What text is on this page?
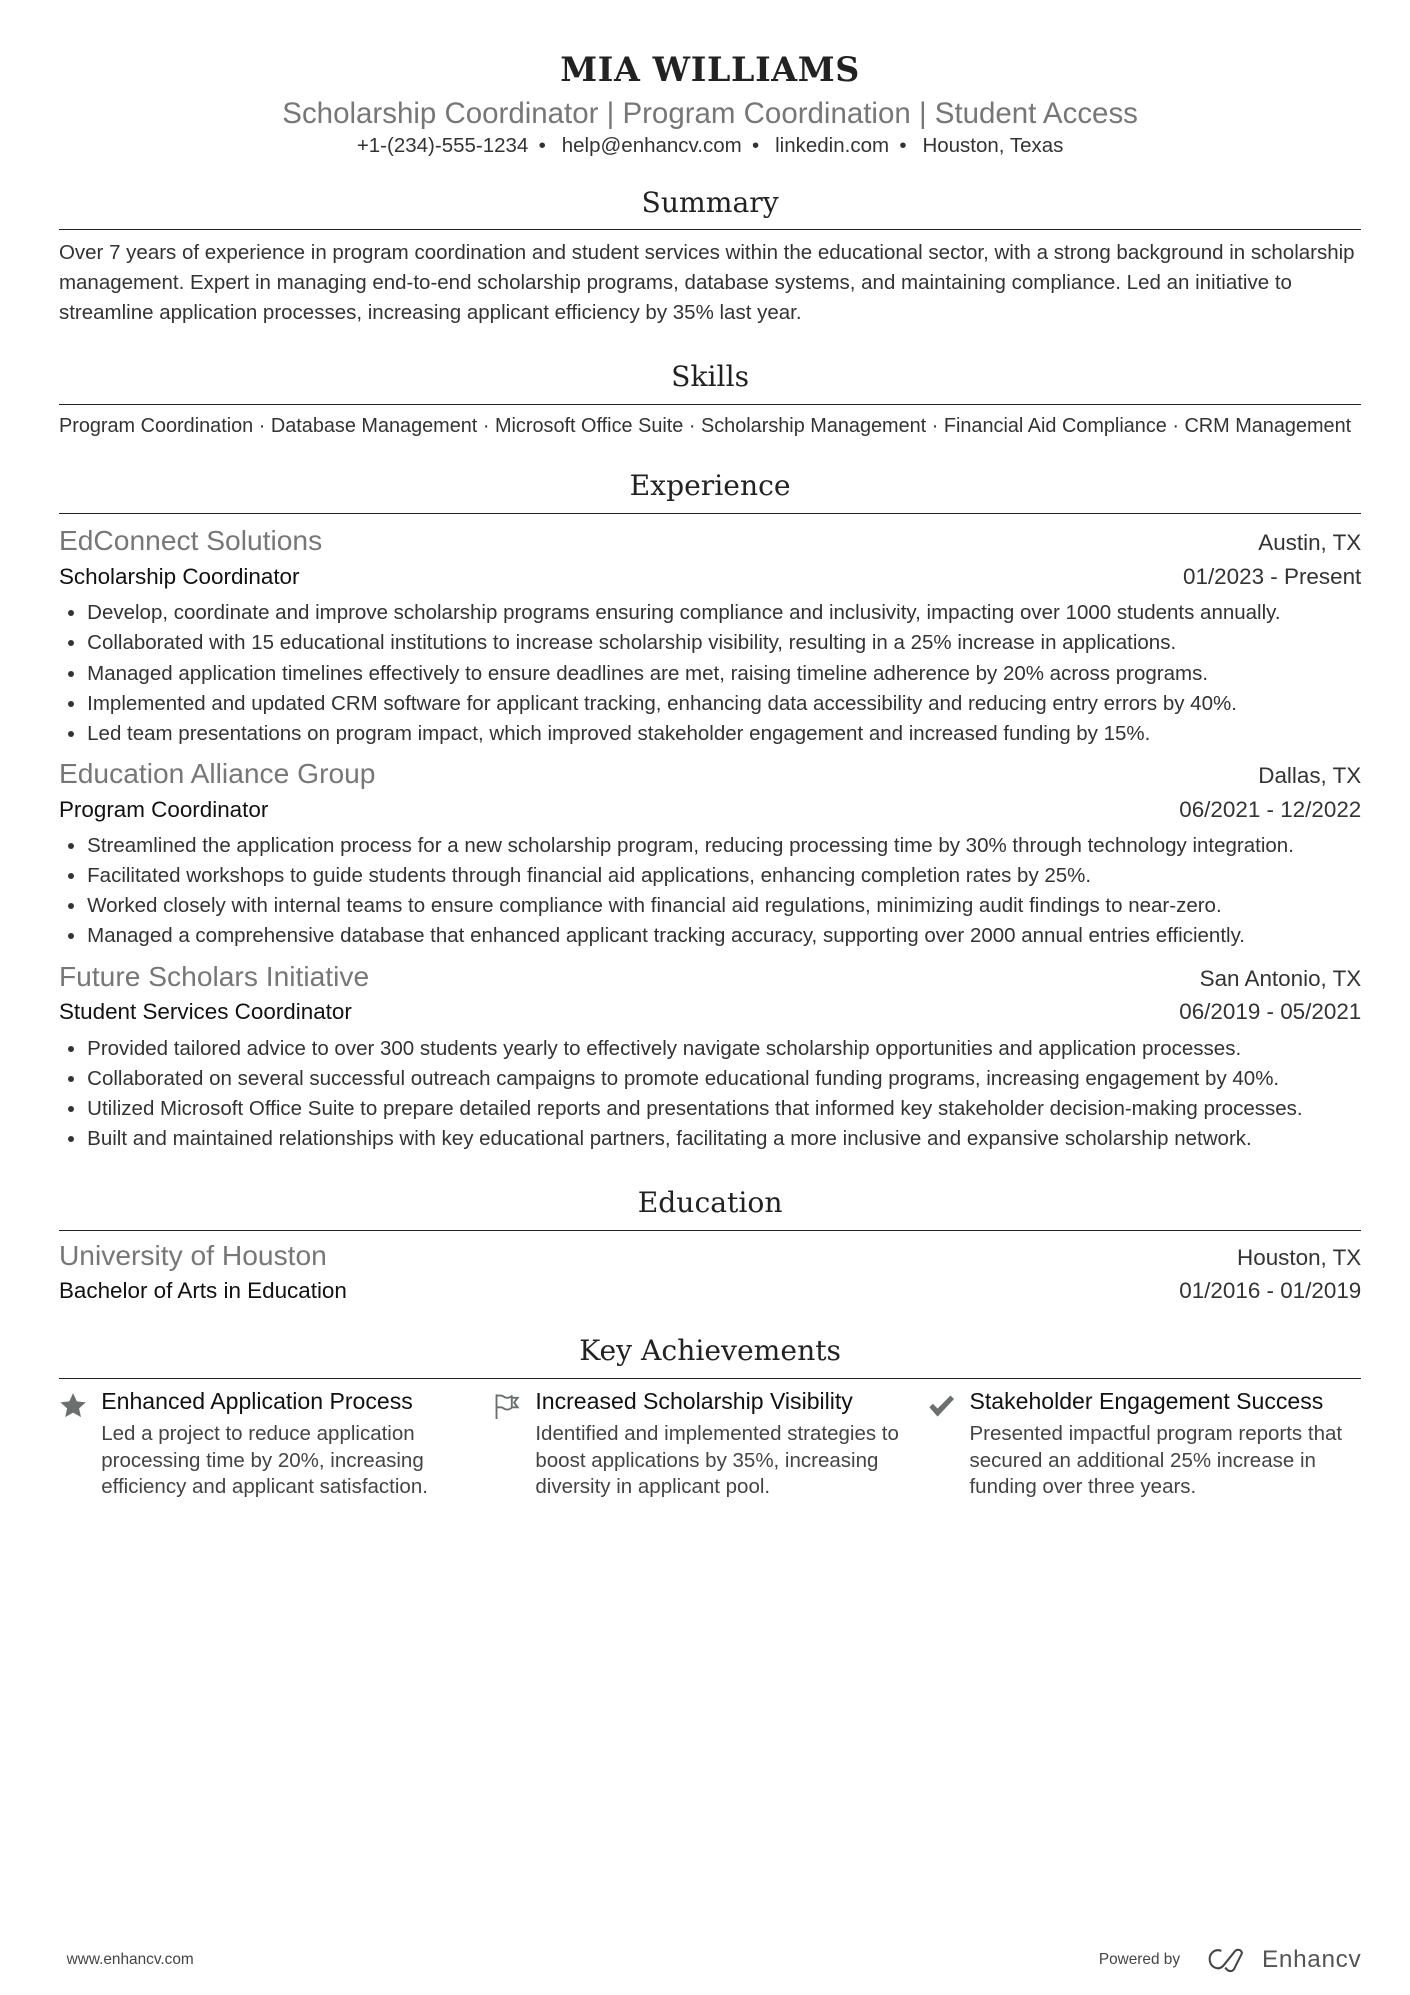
MIA WILLIAMS
Scholarship Coordinator | Program Coordination | Student Access
+1-(234)-555-1234 • help@enhancv.com • linkedin.com • Houston, Texas
Summary
Over 7 years of experience in program coordination and student services within the educational sector, with a strong background in scholarship management. Expert in managing end-to-end scholarship programs, database systems, and maintaining compliance. Led an initiative to streamline application processes, increasing applicant efficiency by 35% last year.
Skills
Program Coordination · Database Management · Microsoft Office Suite · Scholarship Management · Financial Aid Compliance · CRM Management
Experience
EdConnect Solutions	Austin, TX
Scholarship Coordinator	01/2023 - Present
• Develop, coordinate and improve scholarship programs ensuring compliance and inclusivity, impacting over 1000 students annually.
• Collaborated with 15 educational institutions to increase scholarship visibility, resulting in a 25% increase in applications.
• Managed application timelines effectively to ensure deadlines are met, raising timeline adherence by 20% across programs.
• Implemented and updated CRM software for applicant tracking, enhancing data accessibility and reducing entry errors by 40%.
• Led team presentations on program impact, which improved stakeholder engagement and increased funding by 15%.
Education Alliance Group	Dallas, TX
Program Coordinator	06/2021 - 12/2022
• Streamlined the application process for a new scholarship program, reducing processing time by 30% through technology integration.
• Facilitated workshops to guide students through financial aid applications, enhancing completion rates by 25%.
• Worked closely with internal teams to ensure compliance with financial aid regulations, minimizing audit findings to near-zero.
• Managed a comprehensive database that enhanced applicant tracking accuracy, supporting over 2000 annual entries efficiently.
Future Scholars Initiative	San Antonio, TX
Student Services Coordinator	06/2019 - 05/2021
• Provided tailored advice to over 300 students yearly to effectively navigate scholarship opportunities and application processes.
• Collaborated on several successful outreach campaigns to promote educational funding programs, increasing engagement by 40%.
• Utilized Microsoft Office Suite to prepare detailed reports and presentations that informed key stakeholder decision-making processes.
• Built and maintained relationships with key educational partners, facilitating a more inclusive and expansive scholarship network.
Education
University of Houston	Houston, TX
Bachelor of Arts in Education	01/2016 - 01/2019
Key Achievements
Enhanced Application Process
Led a project to reduce application processing time by 20%, increasing efficiency and applicant satisfaction.
Increased Scholarship Visibility
Identified and implemented strategies to boost applications by 35%, increasing diversity in applicant pool.
Stakeholder Engagement Success
Presented impactful program reports that secured an additional 25% increase in funding over three years.
www.enhancv.com	Powered by	Enhancv
